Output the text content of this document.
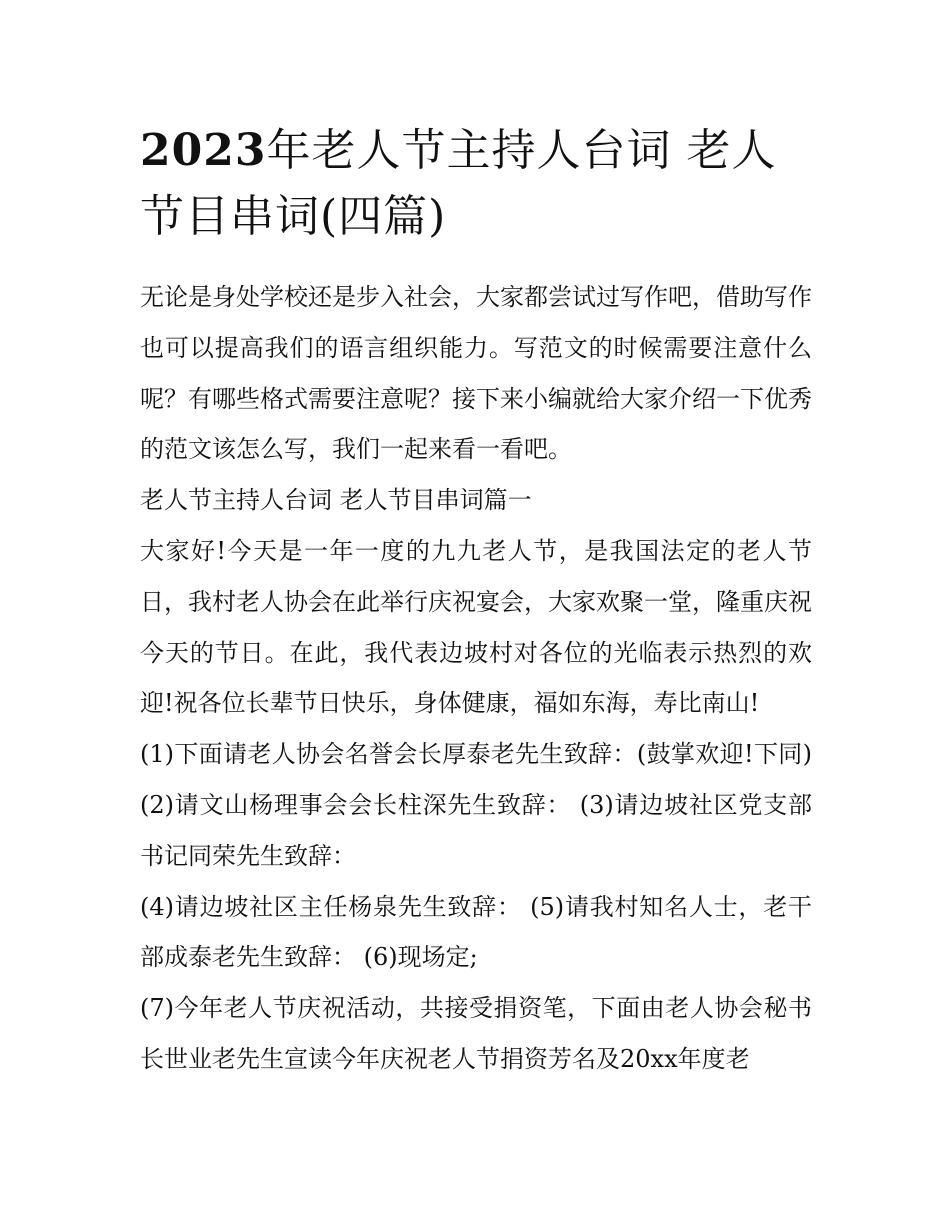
2023年老人节主持人台词 老人节目串词(四篇)

无论是身处学校还是步入社会，大家都尝试过写作吧，借助写作也可以提高我们的语言组织能力。写范文的时候需要注意什么呢？有哪些格式需要注意呢？接下来小编就给大家介绍一下优秀的范文该怎么写，我们一起来看一看吧。

老人节主持人台词 老人节目串词篇一

大家好!今天是一年一度的九九老人节，是我国法定的老人节日，我村老人协会在此举行庆祝宴会，大家欢聚一堂，隆重庆祝今天的节日。在此，我代表边坡村对各位的光临表示热烈的欢迎!祝各位长辈节日快乐，身体健康，福如东海，寿比南山!

(1)下面请老人协会名誉会长厚泰老先生致辞：(鼓掌欢迎!下同) (2)请文山杨理事会会长柱深先生致辞： (3)请边坡社区党支部书记同荣先生致辞：

(4)请边坡社区主任杨泉先生致辞： (5)请我村知名人士，老干部成泰老先生致辞： (6)现场定;

(7)今年老人节庆祝活动，共接受捐资笔，下面由老人协会秘书长世业老先生宣读今年庆祝老人节捐资芳名及20xx年度老
